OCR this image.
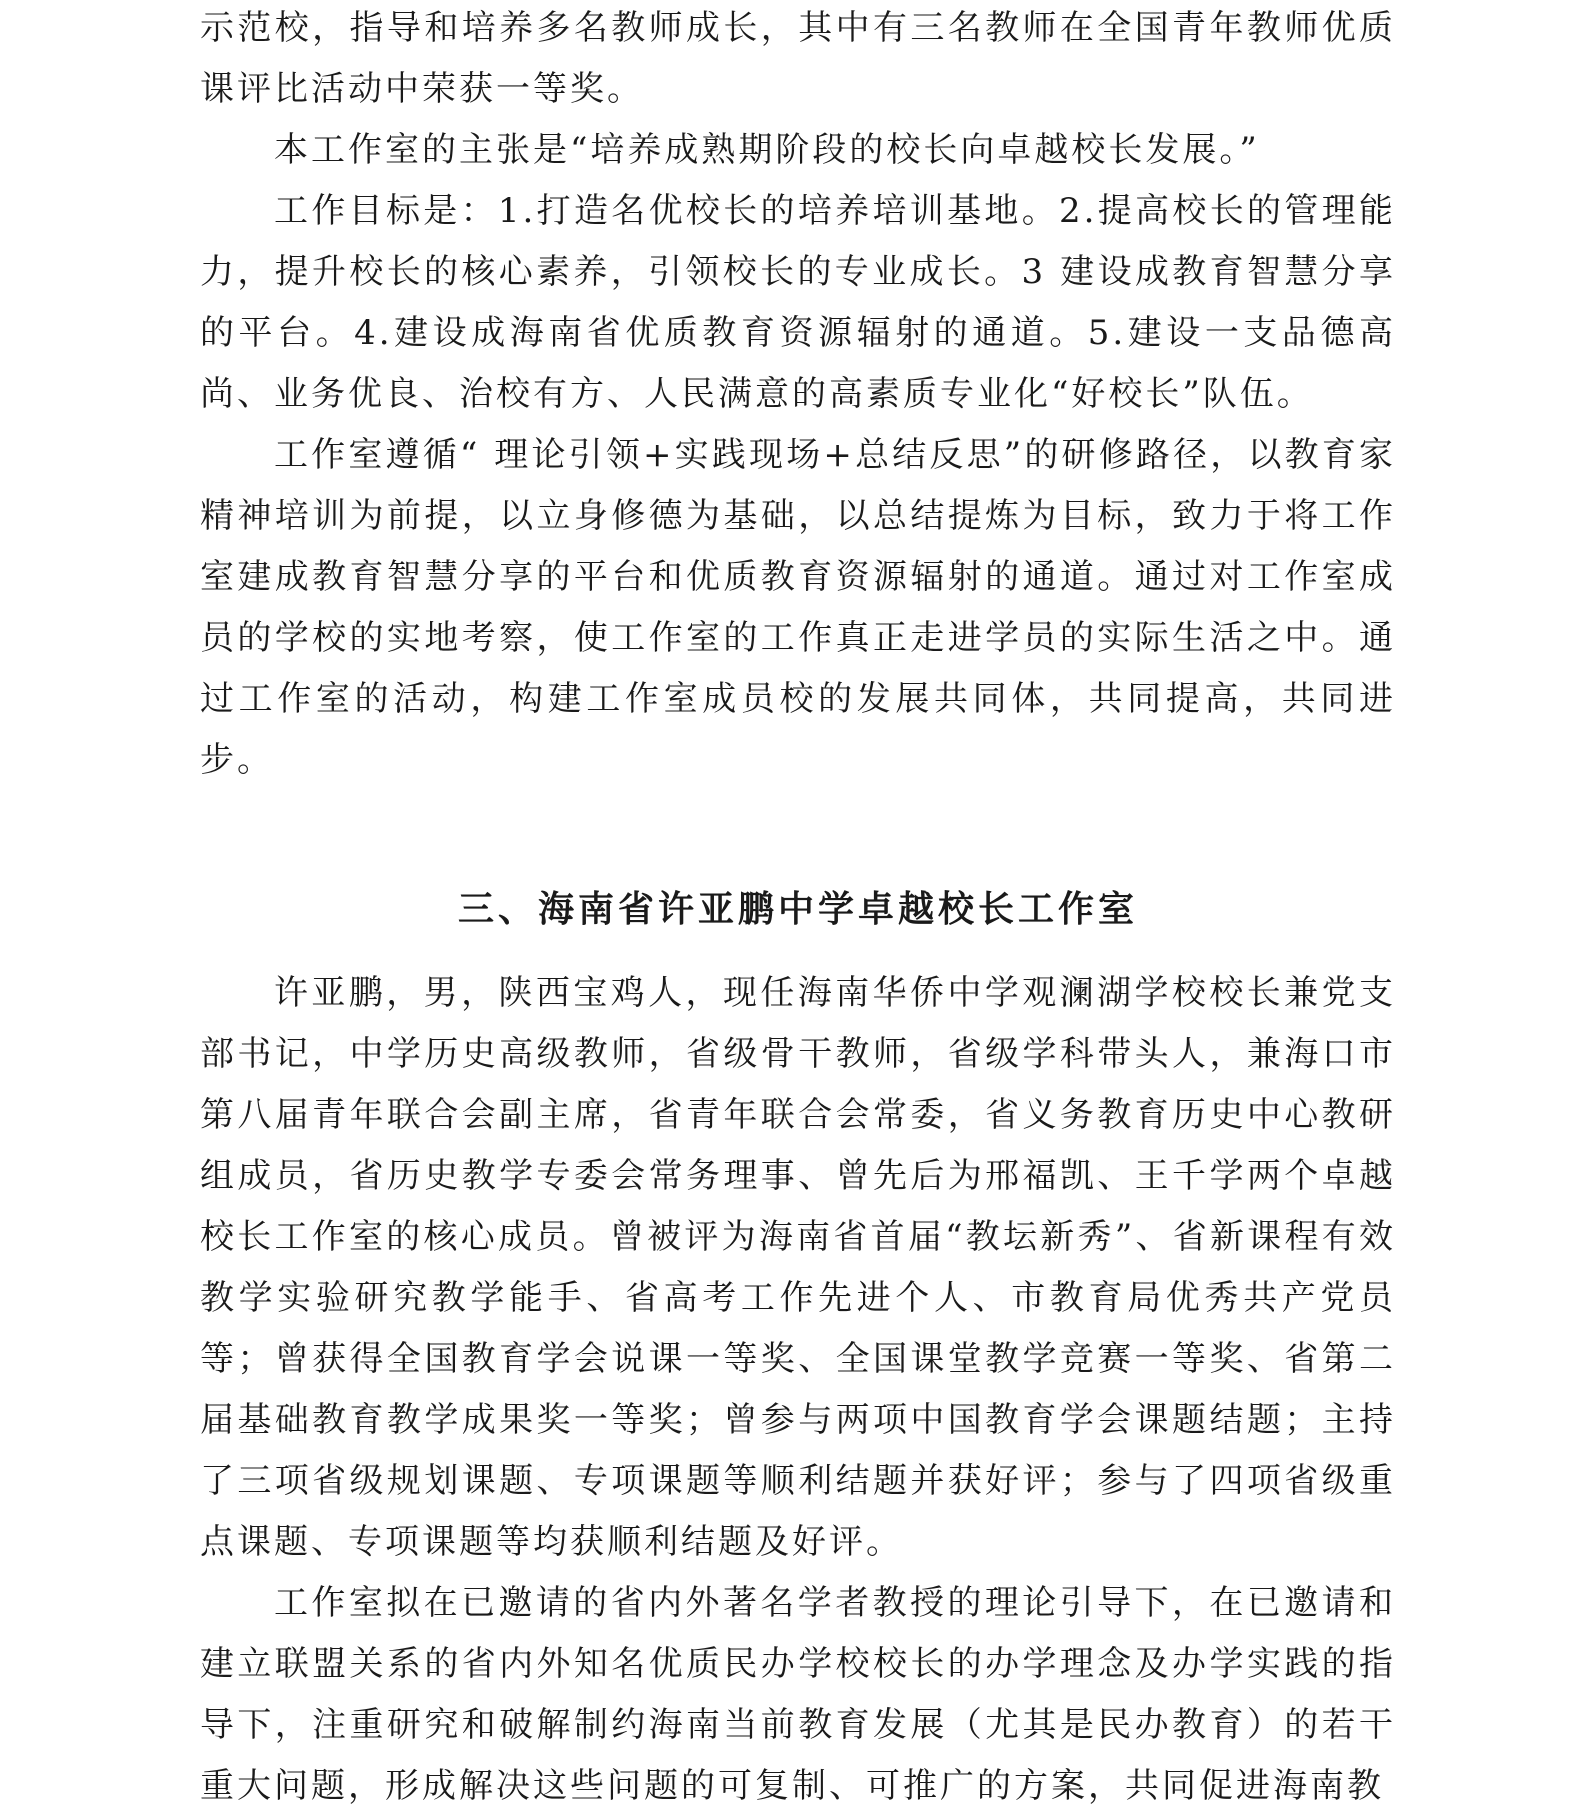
示范校，指导和培养多名教师成长，其中有三名教师在全国青年教师优质课评比活动中荣获一等奖。

本工作室的主张是“培养成熟期阶段的校长向卓越校长发展。”

工作目标是：1.打造名优校长的培养培训基地。2.提高校长的管理能力，提升校长的核心素养，引领校长的专业成长。3 建设成教育智慧分享的平台。4.建设成海南省优质教育资源辐射的通道。5.建设一支品德高尚、业务优良、治校有方、人民满意的高素质专业化“好校长”队伍。

工作室遵循“ 理论引领+实践现场+总结反思”的研修路径，以教育家精神培训为前提，以立身修德为基础，以总结提炼为目标，致力于将工作室建成教育智慧分享的平台和优质教育资源辐射的通道。通过对工作室成员的学校的实地考察，使工作室的工作真正走进学员的实际生活之中。通过工作室的活动，构建工作室成员校的发展共同体，共同提高，共同进步。

三、海南省许亚鹏中学卓越校长工作室

许亚鹏，男，陕西宝鸡人，现任海南华侨中学观澜湖学校校长兼党支部书记，中学历史高级教师，省级骨干教师，省级学科带头人，兼海口市第八届青年联合会副主席，省青年联合会常委，省义务教育历史中心教研组成员，省历史教学专委会常务理事、曾先后为邢福凯、王千学两个卓越校长工作室的核心成员。曾被评为海南省首届“教坛新秀”、省新课程有效教学实验研究教学能手、省高考工作先进个人、市教育局优秀共产党员等；曾获得全国教育学会说课一等奖、全国课堂教学竞赛一等奖、省第二届基础教育教学成果奖一等奖；曾参与两项中国教育学会课题结题；主持了三项省级规划课题、专项课题等顺利结题并获好评；参与了四项省级重点课题、专项课题等均获顺利结题及好评。

工作室拟在已邀请的省内外著名学者教授的理论引导下，在已邀请和建立联盟关系的省内外知名优质民办学校校长的办学理念及办学实践的指导下，注重研究和破解制约海南当前教育发展（尤其是民办教育）的若干重大问题，形成解决这些问题的可复制、可推广的方案，共同促进海南教
